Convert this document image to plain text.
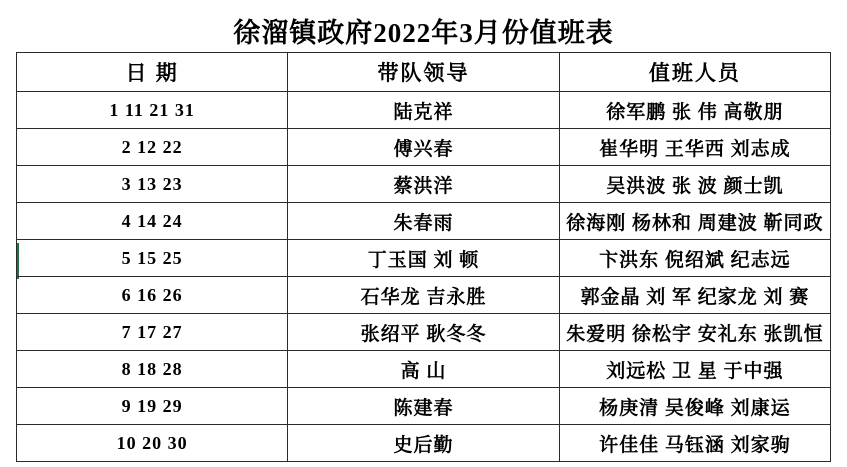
徐溜镇政府2022年3月份值班表		
日 期	带队领导	值班人员
1 11 21 31	陆克祥	徐军鹏 张 伟 高敬朋
2 12 22	傅兴春	崔华明 王华西 刘志成
3 13 23	蔡洪洋	吴洪波 张 波 颜士凯
4 14 24	朱春雨	徐海刚 杨林和 周建波 靳同政
5 15 25	丁玉国 刘 顿	卞洪东 倪绍斌 纪志远
6 16 26	石华龙 吉永胜	郭金晶 刘 军 纪家龙 刘 赛
7 17 27	张绍平 耿冬冬	朱爱明 徐松宇 安礼东 张凯恒
8 18 28	高 山	刘远松 卫 星 于中强
9 19 29	陈建春	杨庚清 吴俊峰 刘康运
10 20 30	史后勤	许佳佳 马钰涵 刘家驹
